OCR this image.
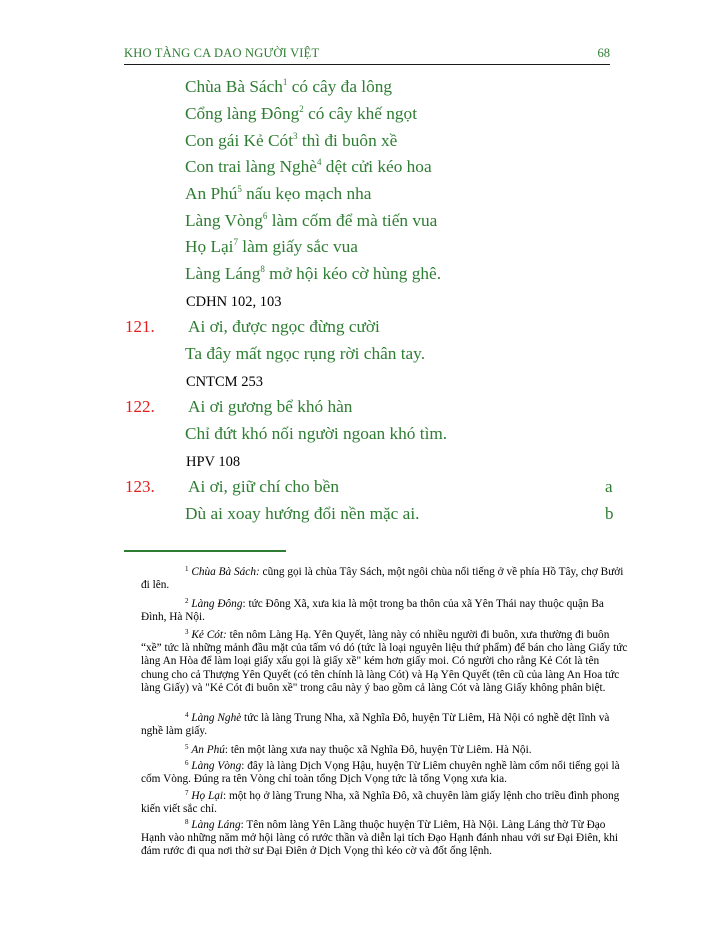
KHO TÀNG CA DAO NGƯỜI VIỆT	68
Chùa Bà Sách$^1$ có cây đa lông
Cổng làng Đông$^2$ có cây khế ngọt
Con gái Kẻ Cót$^3$ thì đi buôn xề
Con trai làng Nghè$^4$ dệt cửi kéo hoa
An Phú$^5$ nấu kẹo mạch nha
Làng Vòng$^6$ làm cốm để mà tiến vua
Họ Lại$^7$ làm giấy sắc vua
Làng Láng$^8$ mở hội kéo cờ hùng ghê.
CDHN 102, 103
121. Ai ơi, được ngọc đừng cười
Ta đây mất ngọc rụng rời chân tay.
CNTCM 253
122. Ai ơi gương bể khó hàn
Chỉ đứt khó nối người ngoan khó tìm.
HPV 108
123. Ai ơi, giữ chí cho bền	a
Dù ai xoay hướng đổi nền mặc ai.	b
$^1$ Chùa Bà Sách: cũng gọi là chùa Tây Sách, một ngôi chùa nổi tiếng ở về phía Hồ Tây, chợ Bưởi đi lên.
$^2$ Làng Đông: tức Đông Xã, xưa kia là một trong ba thôn của xã Yên Thái nay thuộc quận Ba Đình, Hà Nội.
$^3$ Kẻ Cót: tên nôm Làng Hạ. Yên Quyết, làng này có nhiều người đi buôn, xưa thường đi buôn “xề” tức là những mảnh đầu mặt của tấm vó dó (tức là loại nguyên liệu thứ phẩm) để bán cho làng Giấy tức làng An Hòa để làm loại giấy xấu gọi là giấy xề" kém hơn giấy moi. Có người cho rằng Kẻ Cót là tên chung cho cả Thượng Yên Quyết (có tên chính là làng Cót) và Hạ Yên Quyết (tên cũ của làng An Hoa tức làng Giấy) và "Kẻ Cót đi buôn xề" trong câu này ý bao gồm cả làng Cót và làng Giấy không phân biệt.
$^4$ Làng Nghè tức là làng Trung Nha, xã Nghĩa Đô, huyện Từ Liêm, Hà Nội có nghề dệt lĩnh và nghề làm giấy.
$^5$ An Phú: tên một làng xưa nay thuộc xã Nghĩa Đô, huyện Từ Liêm. Hà Nội.
$^6$ Làng Vòng: đây là làng Dịch Vọng Hậu, huyện Từ Liêm chuyên nghề làm cốm nổi tiếng gọi là cốm Vòng. Đúng ra tên Vòng chỉ toàn tổng Dịch Vọng tức là tổng Vọng xưa kia.
$^7$ Họ Lại: một họ ở làng Trung Nha, xã Nghĩa Đô, xã chuyên làm giấy lệnh cho triều đình phong kiến viết sắc chỉ.
$^8$ Làng Láng: Tên nôm làng Yên Lãng thuộc huyện Từ Liêm, Hà Nội. Làng Láng thờ Từ Đạo Hạnh vào những năm mở hội làng có rước thần và diễn lại tích Đạo Hạnh đánh nhau với sư Đại Điên, khi đám rước đi qua nơi thờ sư Đại Điên ở Dịch Vọng thì kéo cờ và đốt ống lệnh.
